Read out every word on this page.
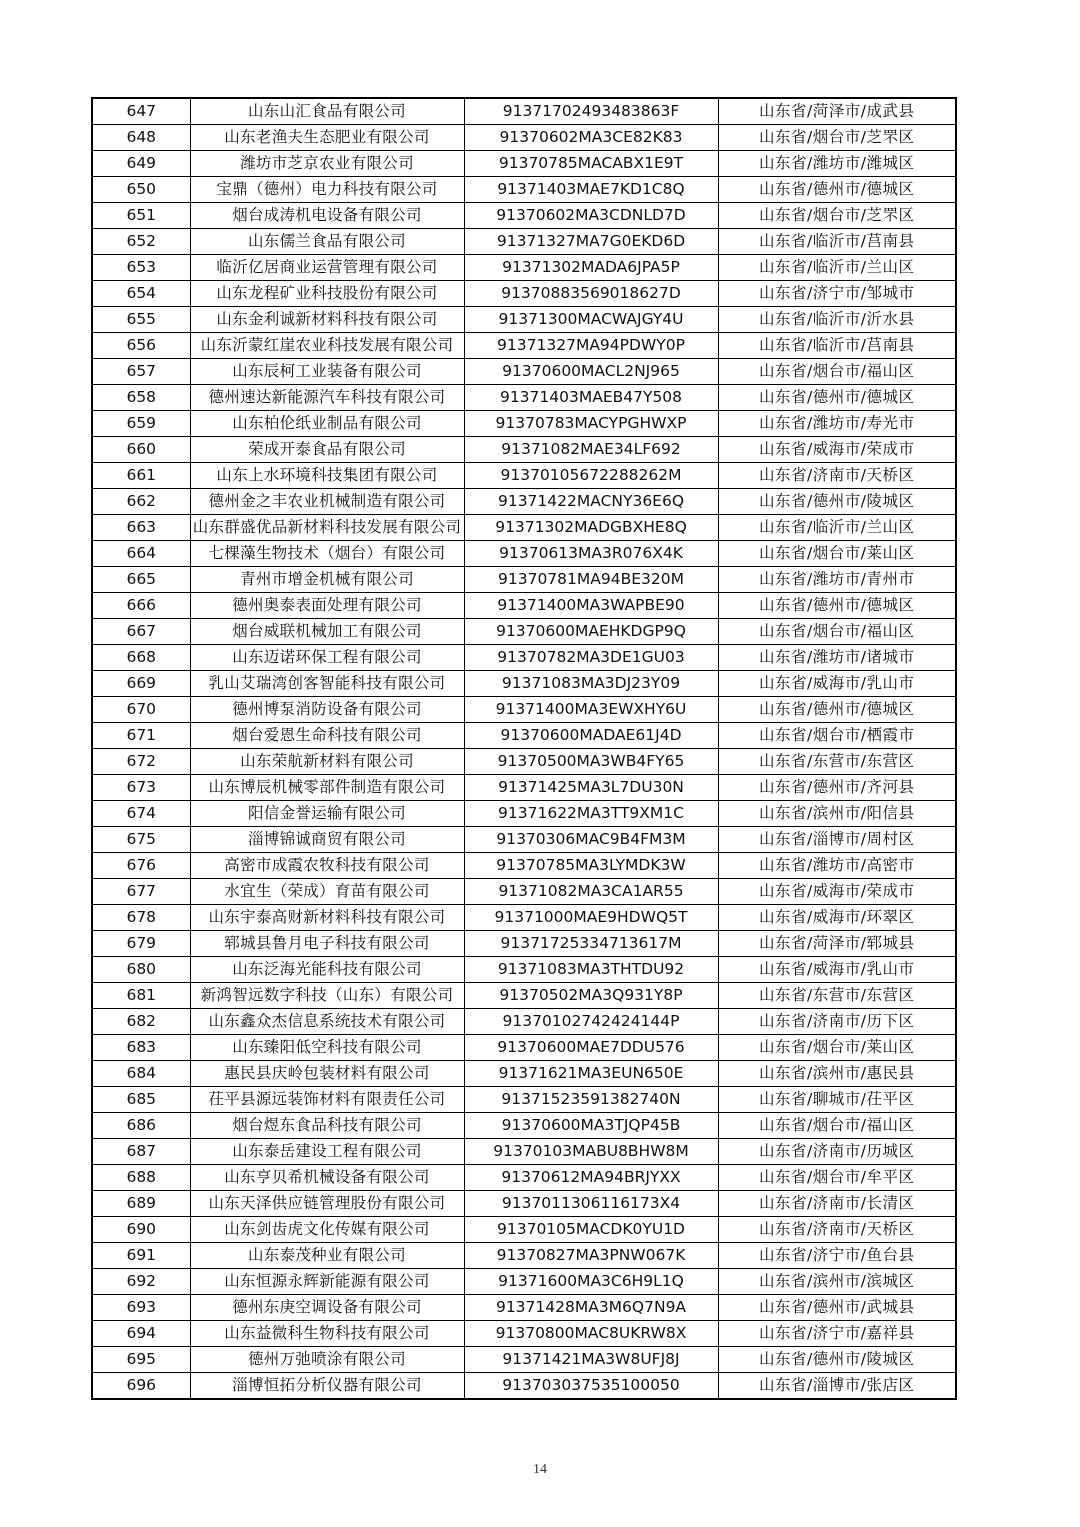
647	山东山汇食品有限公司	91371702493483863F	山东省/菏泽市/成武县
648	山东老渔夫生态肥业有限公司	91370602MA3CE82K83	山东省/烟台市/芝罘区
649	潍坊市芝京农业有限公司	91370785MACABX1E9T	山东省/潍坊市/潍城区
650	宝鼎（德州）电力科技有限公司	91371403MAE7KD1C8Q	山东省/德州市/德城区
651	烟台成涛机电设备有限公司	91370602MA3CDNLD7D	山东省/烟台市/芝罘区
652	山东儒兰食品有限公司	91371327MA7G0EKD6D	山东省/临沂市/莒南县
653	临沂亿居商业运营管理有限公司	91371302MADA6JPA5P	山东省/临沂市/兰山区
654	山东龙程矿业科技股份有限公司	91370883569018627D	山东省/济宁市/邹城市
655	山东金利诚新材料科技有限公司	91371300MACWAJGY4U	山东省/临沂市/沂水县
656	山东沂蒙红崖农业科技发展有限公司	91371327MA94PDWY0P	山东省/临沂市/莒南县
657	山东辰柯工业装备有限公司	91370600MACL2NJ965	山东省/烟台市/福山区
658	德州速达新能源汽车科技有限公司	91371403MAEB47Y508	山东省/德州市/德城区
659	山东柏伦纸业制品有限公司	91370783MACYPGHWXP	山东省/潍坊市/寿光市
660	荣成开泰食品有限公司	91371082MAE34LF692	山东省/威海市/荣成市
661	山东上水环境科技集团有限公司	913701056722882​62M	山东省/济南市/天桥区
662	德州金之丰农业机械制造有限公司	91371422MACNY36E6Q	山东省/德州市/陵城区
663	山东群盛优品新材料科技发展有限公司	91371302MADGBXHE8Q	山东省/临沂市/兰山区
664	七棵藻生物技术（烟台）有限公司	91370613MA3R076X4K	山东省/烟台市/莱山区
665	青州市增金机械有限公司	91370781MA94BE320M	山东省/潍坊市/青州市
666	德州奥泰表面处理有限公司	91371400MA3WAPBE90	山东省/德州市/德城区
667	烟台威联机械加工有限公司	91370600MAEHKDGP9Q	山东省/烟台市/福山区
668	山东迈诺环保工程有限公司	91370782MA3DE1GU03	山东省/潍坊市/诸城市
669	乳山艾瑞湾创客智能科技有限公司	91371083MA3DJ23Y09	山东省/威海市/乳山市
670	德州博泵消防设备有限公司	91371400MA3EWXHY6U	山东省/德州市/德城区
671	烟台爱恩生命科技有限公司	91370600MADAE61J4D	山东省/烟台市/栖霞市
672	山东荣航新材料有限公司	91370500MA3WB4FY65	山东省/东营市/东营区
673	山东博辰机械零部件制造有限公司	91371425MA3L7DU30N	山东省/德州市/齐河县
674	阳信金誉运输有限公司	91371622MA3TT9XM1C	山东省/滨州市/阳信县
675	淄博锦诚商贸有限公司	91370306MAC9B4FM3M	山东省/淄博市/周村区
676	高密市成霞农牧科技有限公司	91370785MA3LYMDK3W	山东省/潍坊市/高密市
677	水宜生（荣成）育苗有限公司	91371082MA3CA1AR55	山东省/威海市/荣成市
678	山东宇泰高财新材料科技有限公司	91371000MAE9HDWQ5T	山东省/威海市/环翠区
679	郓城县鲁月电子科技有限公司	91371725334713617M	山东省/菏泽市/郓城县
680	山东泛海光能科技有限公司	91371083MA3THTDU92	山东省/威海市/乳山市
681	新鸿智远数字科技（山东）有限公司	91370502MA3Q931Y8P	山东省/东营市/东营区
682	山东鑫众杰信息系统技术有限公司	91370102742424144P	山东省/济南市/历下区
683	山东臻阳低空科技有限公司	91370600MAE7DDU576	山东省/烟台市/莱山区
684	惠民县庆岭包装材料有限公司	91371621MA3EUN650E	山东省/滨州市/惠民县
685	茌平县源远装饰材料有限责任公司	91371523591382740N	山东省/聊城市/茌平区
686	烟台煜东食品科技有限公司	91370600MA3TJQP45B	山东省/烟台市/福山区
687	山东泰岳建设工程有限公司	91370103MABU8BHW8M	山东省/济南市/历城区
688	山东亨贝希机械设备有限公司	91370612MA94BRJYXX	山东省/烟台市/牟平区
689	山东天泽供应链管理股份有限公司	913701130611617​3X4	山东省/济南市/长清区
690	山东剑齿虎文化传媒有限公司	91370105MACDK0YU1D	山东省/济南市/天桥区
691	山东泰茂种业有限公司	91370827MA3PNW067K	山东省/济宁市/鱼台县
692	山东恒源永辉新能源有限公司	91371600MA3C6H9L1Q	山东省/滨州市/滨城区
693	德州东庚空调设备有限公司	91371428MA3M6Q7N9A	山东省/德州市/武城县
694	山东益微科生物科技有限公司	91370800MAC8UKRW8X	山东省/济宁市/嘉祥县
695	德州万弛喷涂有限公司	91371421MA3W8UFJ8J	山东省/德州市/陵城区
696	淄博恒拓分析仪器有限公司	913703037535100050	山东省/淄博市/张店区
14
